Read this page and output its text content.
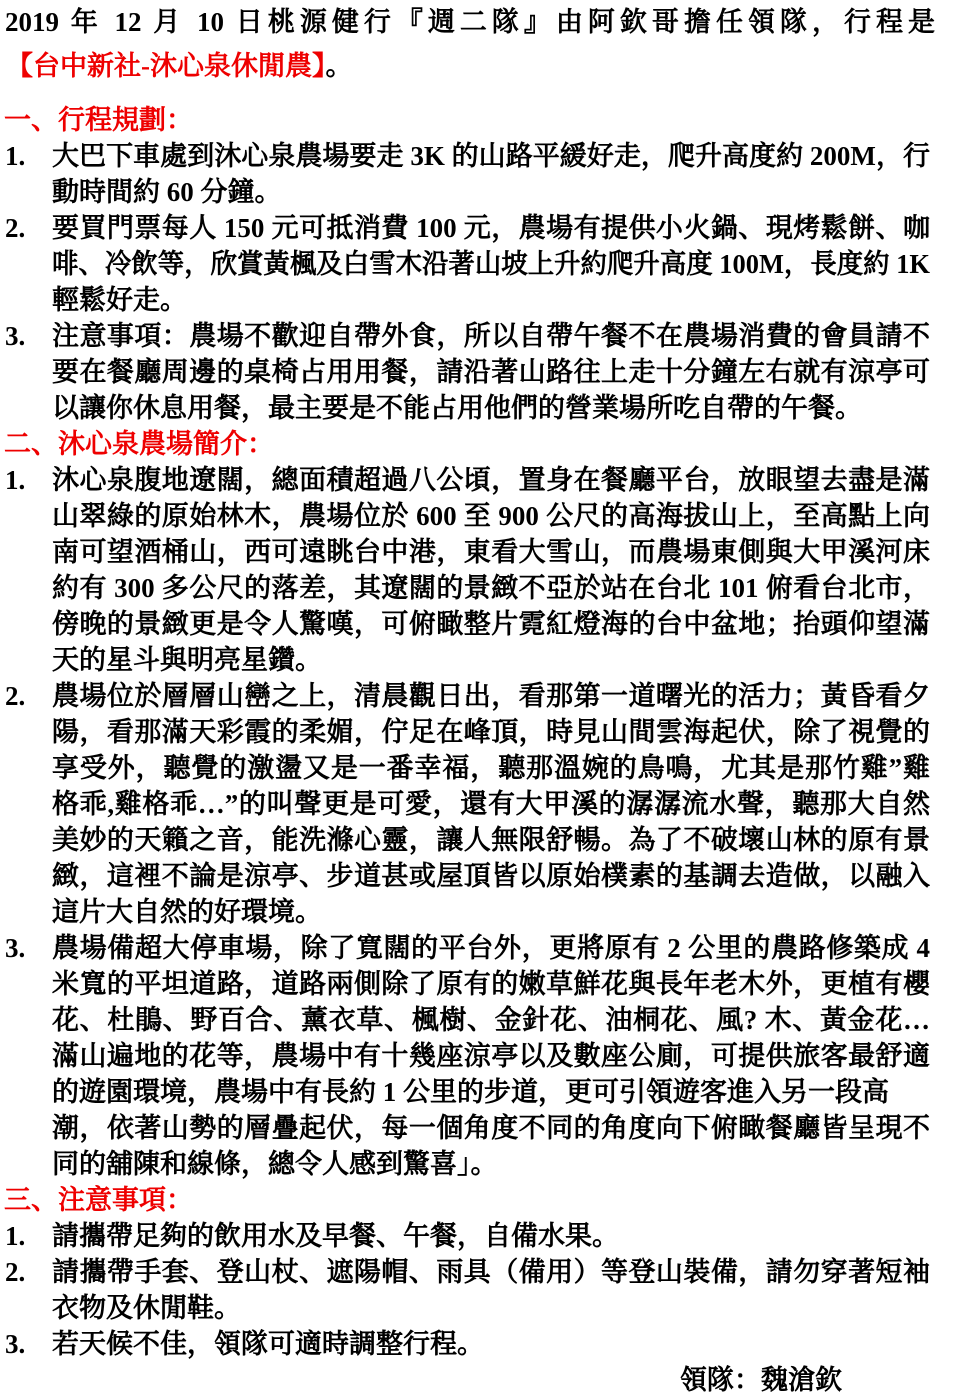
2019 年 12 月 10 日桃源健行『週二隊』由阿欽哥擔任領隊，行程是
【台中新社-沐心泉休閒農】。
一、行程規劃：
1. 大巴下車處到沐心泉農場要走 3K 的山路平緩好走，爬升高度約 200M，行
動時間約 60 分鐘。
2. 要買門票每人 150 元可抵消費 100 元，農場有提供小火鍋、現烤鬆餅、咖
啡、冷飲等，欣賞黃楓及白雪木沿著山坡上升約爬升高度 100M，長度約 1K
輕鬆好走。
3. 注意事項：農場不歡迎自帶外食，所以自帶午餐不在農場消費的會員請不
要在餐廳周邊的桌椅占用用餐，請沿著山路往上走十分鐘左右就有涼亭可
以讓你休息用餐，最主要是不能占用他們的營業場所吃自帶的午餐。
二、沐心泉農場簡介：
1. 沐心泉腹地遼闊，總面積超過八公頃，置身在餐廳平台，放眼望去盡是滿
山翠綠的原始林木，農場位於 600 至 900 公尺的高海拔山上，至高點上向
南可望酒桶山，西可遠眺台中港，東看大雪山，而農場東側與大甲溪河床
約有 300 多公尺的落差，其遼闊的景緻不亞於站在台北 101 俯看台北市，
傍晚的景緻更是令人驚嘆，可俯瞰整片霓紅燈海的台中盆地；抬頭仰望滿
天的星斗與明亮星鑽。
2. 農場位於層層山巒之上，清晨觀日出，看那第一道曙光的活力；黃昏看夕
陽，看那滿天彩霞的柔媚，佇足在峰頂，時見山間雲海起伏，除了視覺的
享受外，聽覺的激盪又是一番幸福，聽那溫婉的鳥鳴，尤其是那竹雞”雞
格乖,雞格乖…”的叫聲更是可愛，還有大甲溪的潺潺流水聲，聽那大自然
美妙的天籟之音，能洗滌心靈，讓人無限舒暢。為了不破壞山林的原有景
緻，這裡不論是涼亭、步道甚或屋頂皆以原始樸素的基調去造做，以融入
這片大自然的好環境。
3. 農場備超大停車場，除了寬闊的平台外，更將原有 2 公里的農路修築成 4
米寬的平坦道路，道路兩側除了原有的嫩草鮮花與長年老木外，更植有櫻
花、杜鵑、野百合、薰衣草、楓樹、金針花、油桐花、風? 木、黃金花…
滿山遍地的花等，農場中有十幾座涼亭以及數座公廁，可提供旅客最舒適
的遊園環境，農場中有長約 1 公里的步道，更可引領遊客進入另一段高
潮，依著山勢的層疊起伏，每一個角度不同的角度向下俯瞰餐廳皆呈現不
同的舖陳和線條，總令人感到驚喜」。
三、注意事項：
1. 請攜帶足夠的飲用水及早餐、午餐，自備水果。
2. 請攜帶手套、登山杖、遮陽帽、雨具（備用）等登山裝備，請勿穿著短袖
衣物及休閒鞋。
3. 若天候不佳，領隊可適時調整行程。
領隊：魏滄欽
